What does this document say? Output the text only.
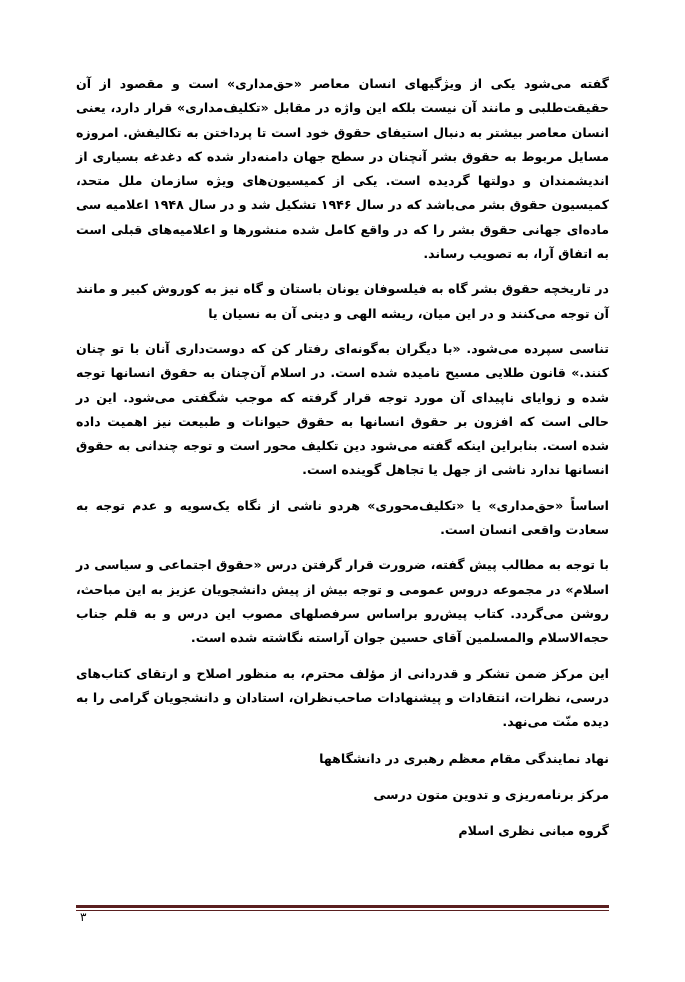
گفته می‌شود یکی از ویژگیهای انسان معاصر «حق‌مداری» است و مقصود از آن حقیقت‌طلبی و مانند آن نیست بلکه این واژه در مقابل «تکلیف‌مداری» قرار دارد، یعنی انسان معاصر بیشتر به دنبال استیفای حقوق خود است تا پرداختن به تکالیفش. امروزه مسایل مربوط به حقوق بشر آنچنان در سطح جهان دامنه‌دار شده که دغدغه بسیاری از اندیشمندان و دولتها گردیده است. یکی از کمیسیون‌های ویژه سازمان ملل متحد، کمیسیون حقوق بشر می‌باشد که در سال ۱۹۴۶ تشکیل شد و در سال ۱۹۴۸ اعلامیه سی ماده‌ای جهانی حقوق بشر را که در واقع کامل شده منشورها و اعلامیه‌های قبلی است به اتفاق آرا، به تصویب رساند.

در تاریخچه حقوق بشر گاه به فیلسوفان یونان باستان و گاه نیز به کوروش کبیر و مانند آن توجه می‌کنند و در این میان، ریشه الهی و دینی آن به نسیان یا

تناسی سپرده می‌شود. «با دیگران به‌گونه‌ای رفتار کن که دوست‌داری آنان با تو چنان کنند.» قانون طلایی مسیح نامیده شده است. در اسلام آن‌چنان به حقوق انسانها توجه شده و زوایای ناپیدای آن مورد توجه قرار گرفته که موجب شگفتی می‌شود. این در حالی است که افزون بر حقوق انسانها به حقوق حیوانات و طبیعت نیز اهمیت داده شده است. بنابراین اینکه گفته می‌شود دین تکلیف محور است و توجه چندانی به حقوق انسانها ندارد ناشی از جهل یا تجاهل گوینده است.

اساساً «حق‌مداری» یا «تکلیف‌محوری» هردو ناشی از نگاه یک‌سویه و عدم توجه به سعادت واقعی انسان است.

با توجه به مطالب پیش گفته، ضرورت قرار گرفتن درس «حقوق اجتماعی و سیاسی در اسلام» در مجموعه دروس عمومی و توجه بیش از پیش دانشجویان عزیز به این مباحث، روشن می‌گردد. کتاب پیش‌رو براساس سرفصلهای مصوب این درس و به قلم جناب حجه‌الاسلام والمسلمین آقای حسین جوان آراسته نگاشته شده است.

این مرکز ضمن تشکر و قدردانی از مؤلف محترم، به منظور اصلاح و ارتقای کتاب‌های درسی، نظرات، انتقادات و پیشنهادات صاحب‌نظران، استادان و دانشجویان گرامی را به دیده منّت می‌نهد.

نهاد نمایندگی مقام معظم رهبری در دانشگاهها

مرکز برنامه‌ریزی و تدوین متون درسی

گروه مبانی نظری اسلام

۳
